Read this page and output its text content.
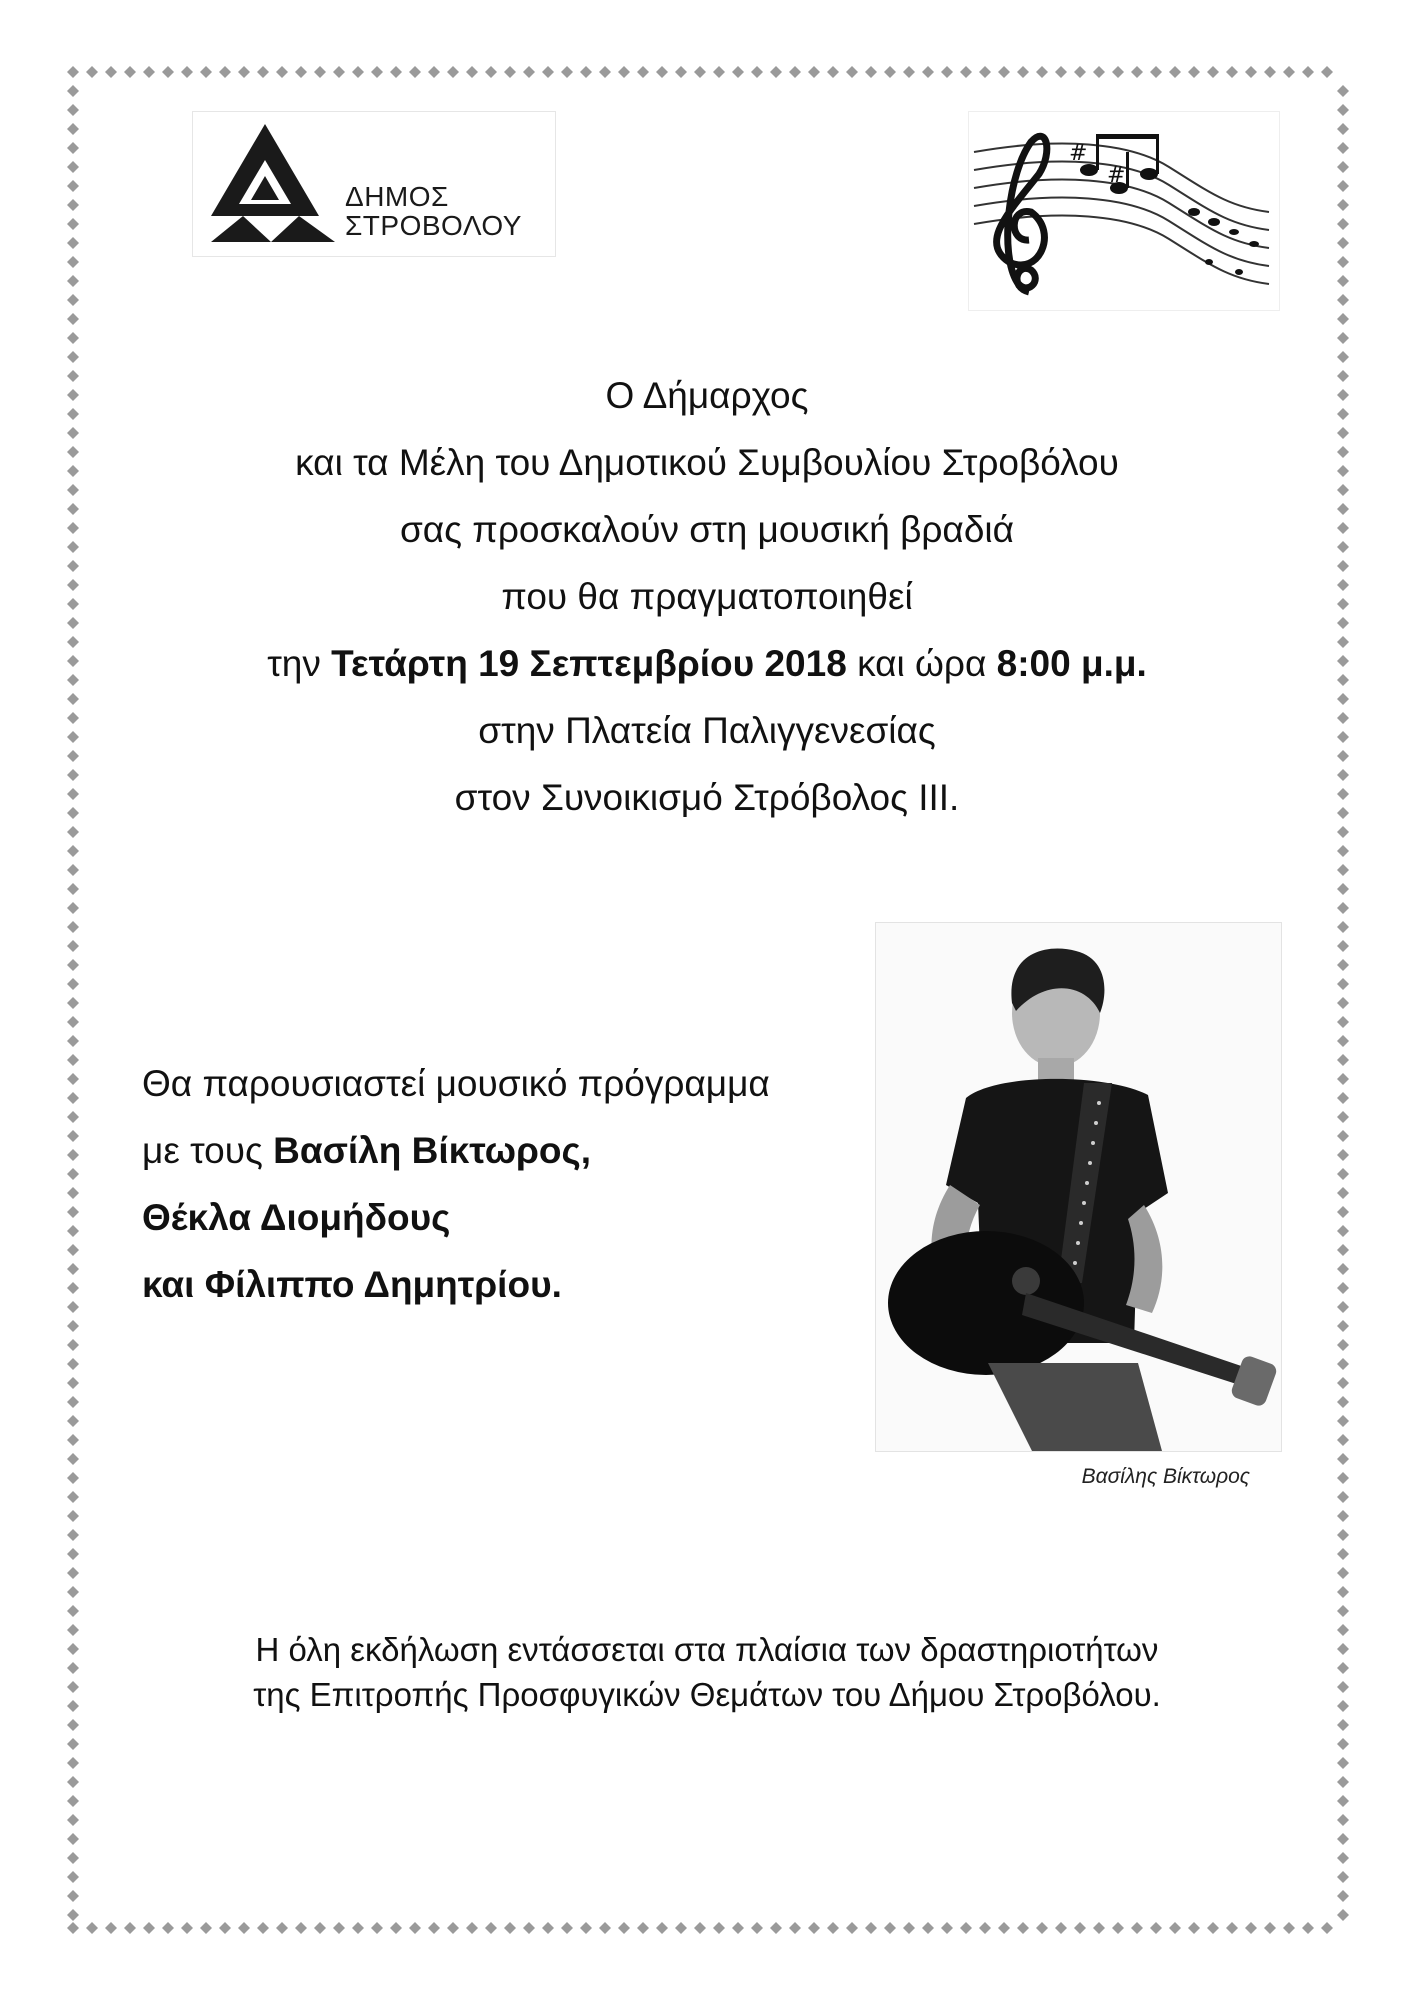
ΔΗΜΟΣ
ΣΤΡΟΒΟΛΟΥ
#
#

Ο Δήμαρχος

και τα Μέλη του Δημοτικού Συμβουλίου Στροβόλου

σας προσκαλούν στη μουσική βραδιά

που θα πραγματοποιηθεί

την Τετάρτη 19 Σεπτεμβρίου 2018 και ώρα 8:00 μ.μ.

στην Πλατεία Παλιγγενεσίας

στον Συνοικισμό Στρόβολος ΙΙΙ.

Θα παρουσιαστεί μουσικό πρόγραμμα

με τους Βασίλη Βίκτωρος,

Θέκλα Διομήδους

και Φίλιππο Δημητρίου.

Βασίλης Βίκτωρος

Η όλη εκδήλωση εντάσσεται στα πλαίσια των δραστηριοτήτων

της Επιτροπής Προσφυγικών Θεμάτων του Δήμου Στροβόλου.
